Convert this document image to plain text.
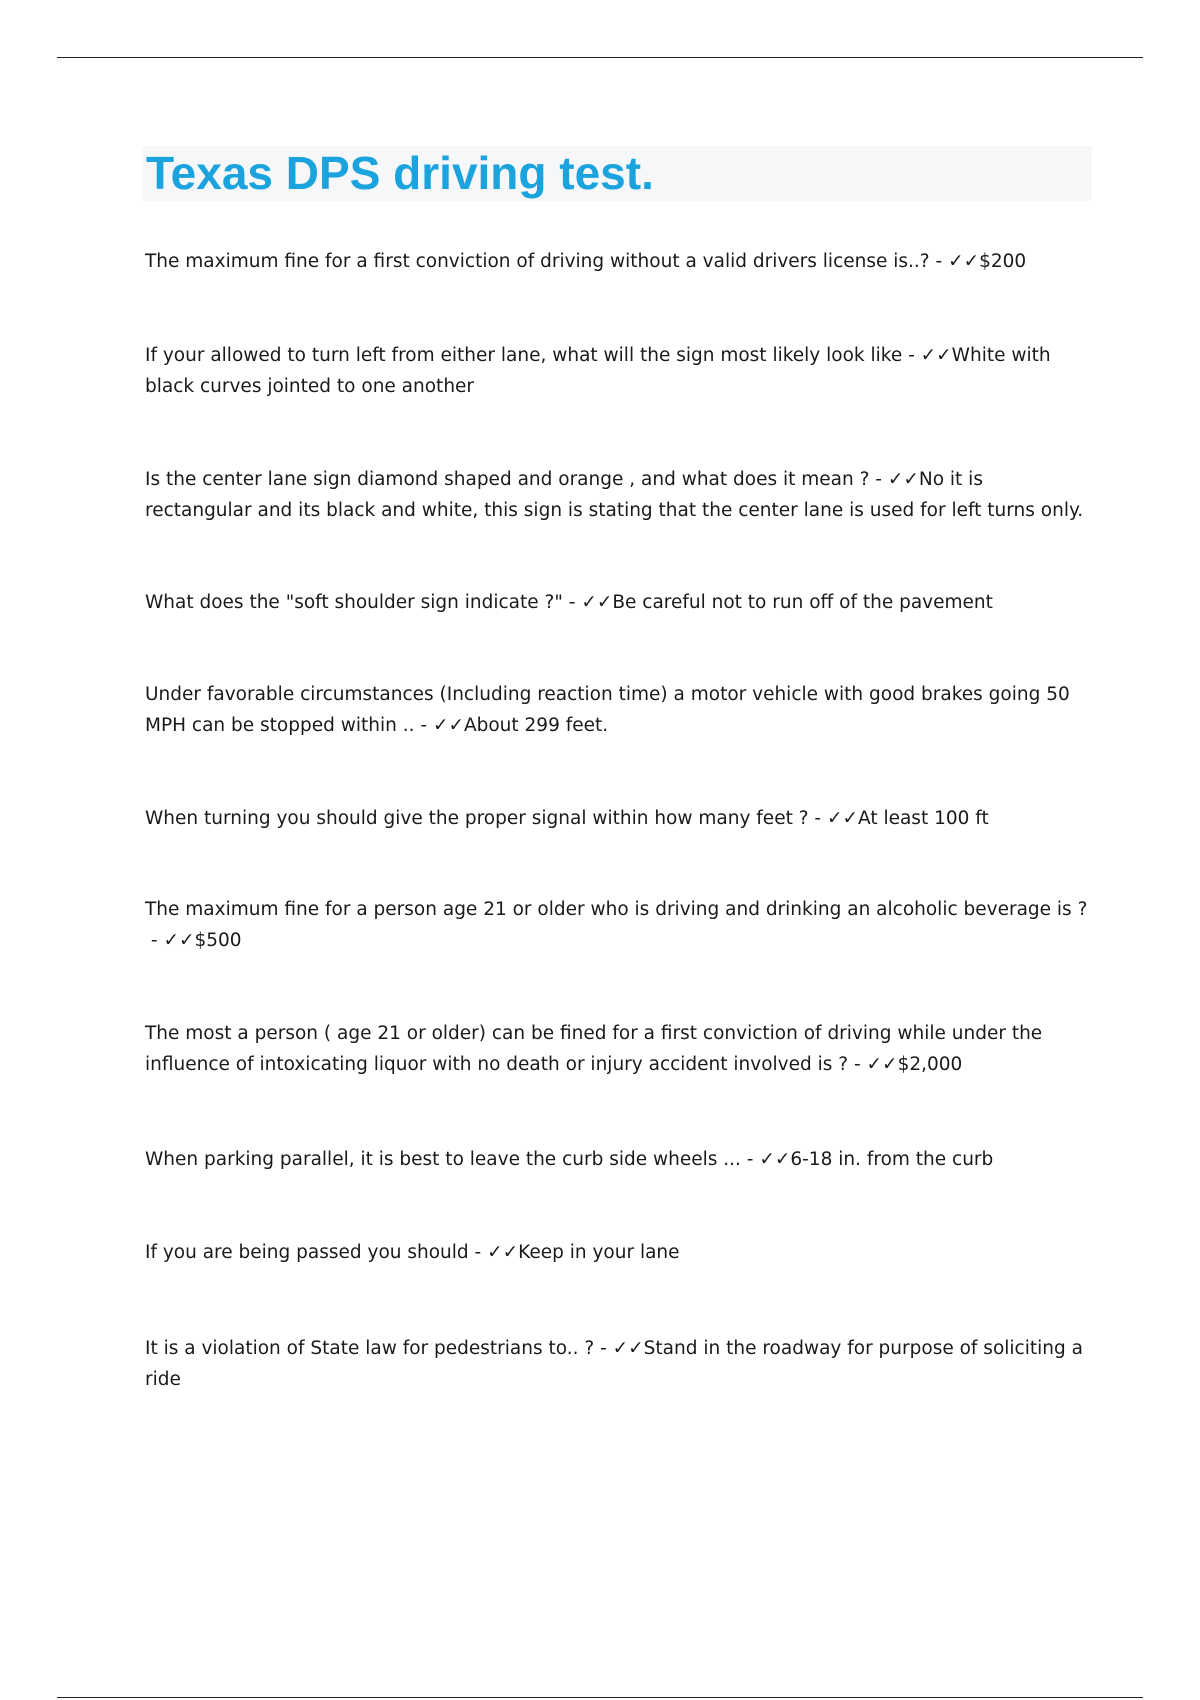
Texas DPS driving test.

The maximum fine for a first conviction of driving without a valid drivers license is..? - ✓✓$200

If your allowed to turn left from either lane, what will the sign most likely look like - ✓✓White with black curves jointed to one another

Is the center lane sign diamond shaped and orange , and what does it mean ? - ✓✓No it is rectangular and its black and white, this sign is stating that the center lane is used for left turns only.

What does the "soft shoulder sign indicate ?" - ✓✓Be careful not to run off of the pavement

Under favorable circumstances (Including reaction time) a motor vehicle with good brakes going 50 MPH can be stopped within .. - ✓✓About 299 feet.

When turning you should give the proper signal within how many feet ? - ✓✓At least 100 ft

The maximum fine for a person age 21 or older who is driving and drinking an alcoholic beverage is ? - ✓✓$500

The most a person ( age 21 or older) can be fined for a first conviction of driving while under the influence of intoxicating liquor with no death or injury accident involved is ? - ✓✓$2,000

When parking parallel, it is best to leave the curb side wheels ... - ✓✓6-18 in. from the curb

If you are being passed you should - ✓✓Keep in your lane

It is a violation of State law for pedestrians to.. ? - ✓✓Stand in the roadway for purpose of soliciting a ride
